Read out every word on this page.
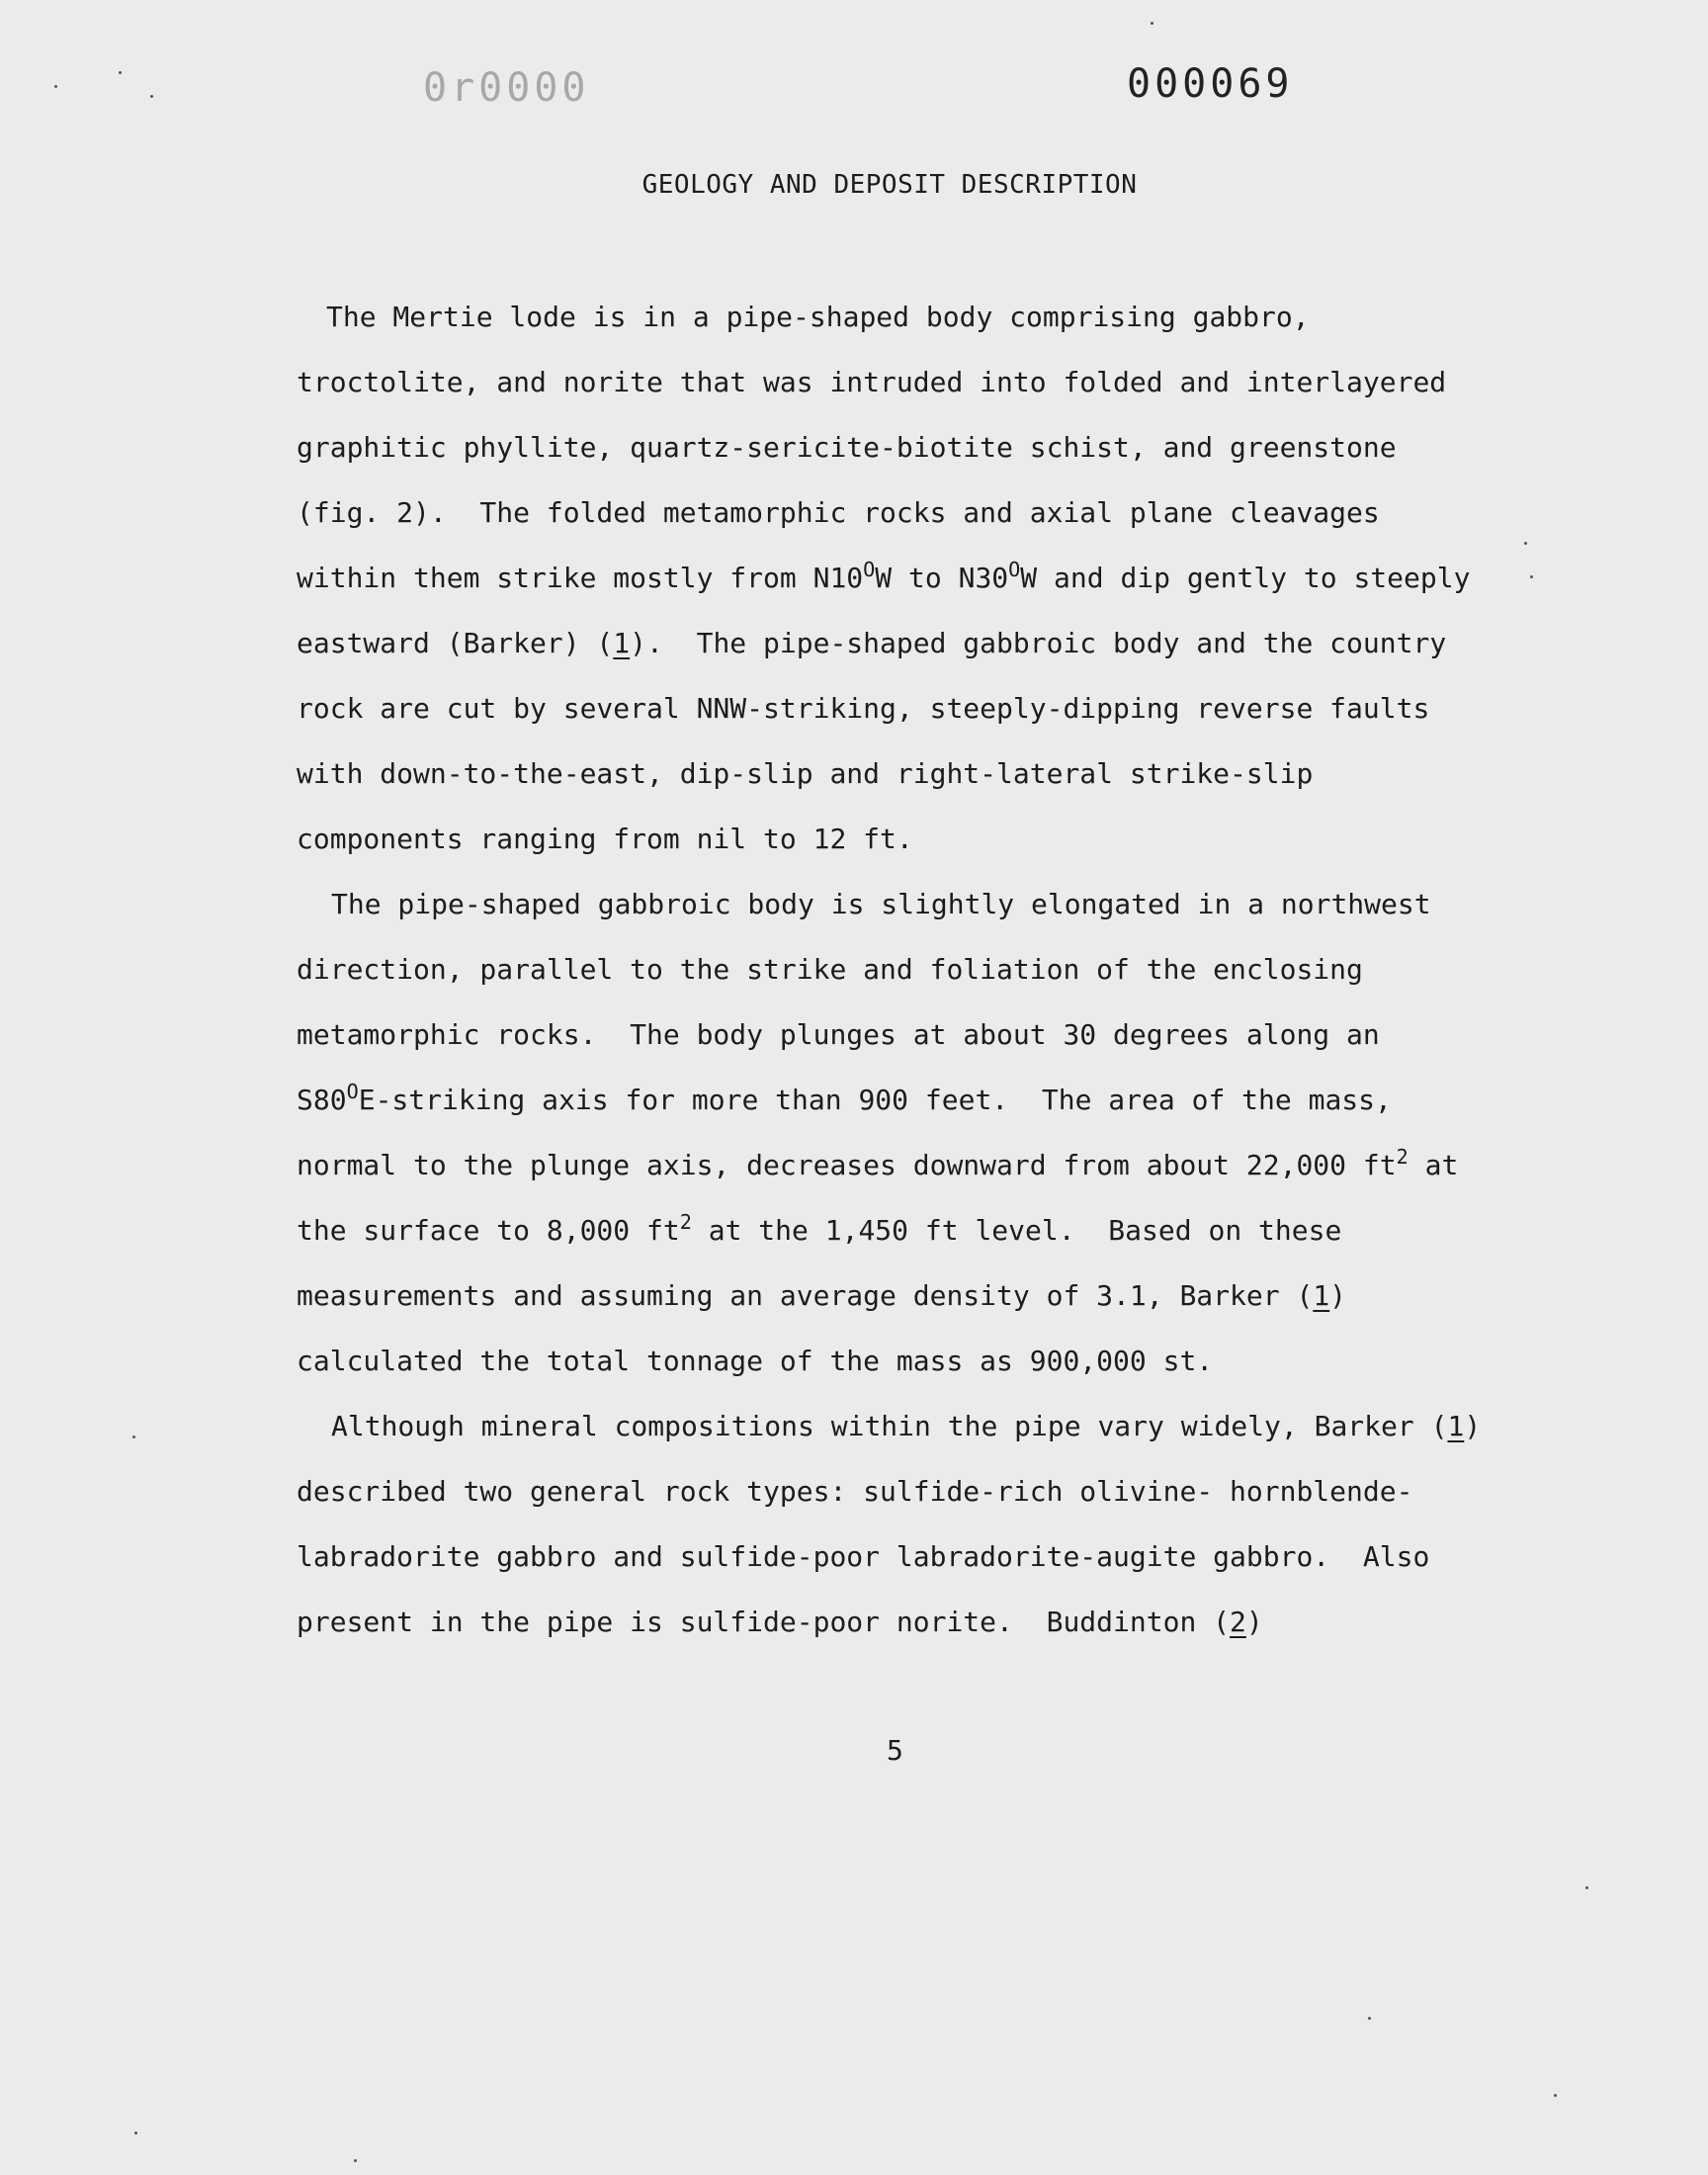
0r0000	000069
GEOLOGY AND DEPOSIT DESCRIPTION
The Mertie lode is in a pipe-shaped body comprising gabbro,
troctolite, and norite that was intruded into folded and interlayered
graphitic phyllite, quartz-sericite-biotite schist, and greenstone
(fig. 2).  The folded metamorphic rocks and axial plane cleavages
within them strike mostly from $N10^OW$ to $N30^OW$ and dip gently to steeply
eastward (Barker) (1).  The pipe-shaped gabbroic body and the country
rock are cut by several NNW-striking, steeply-dipping reverse faults
with down-to-the-east, dip-slip and right-lateral strike-slip
components ranging from nil to 12 ft.
The pipe-shaped gabbroic body is slightly elongated in a northwest
direction, parallel to the strike and foliation of the enclosing
metamorphic rocks.  The body plunges at about 30 degrees along an
$S80^OE$-striking axis for more than 900 feet.  The area of the mass,
normal to the plunge axis, decreases downward from about 22,000 $ft^2$ at
the surface to 8,000 $ft^2$ at the 1,450 ft level.  Based on these
measurements and assuming an average density of 3.1, Barker (1)
calculated the total tonnage of the mass as 900,000 st.
Although mineral compositions within the pipe vary widely, Barker (1)
described two general rock types: sulfide-rich olivine- hornblende-
labradorite gabbro and sulfide-poor labradorite-augite gabbro.  Also
present in the pipe is sulfide-poor norite.  Buddinton (2)
5
